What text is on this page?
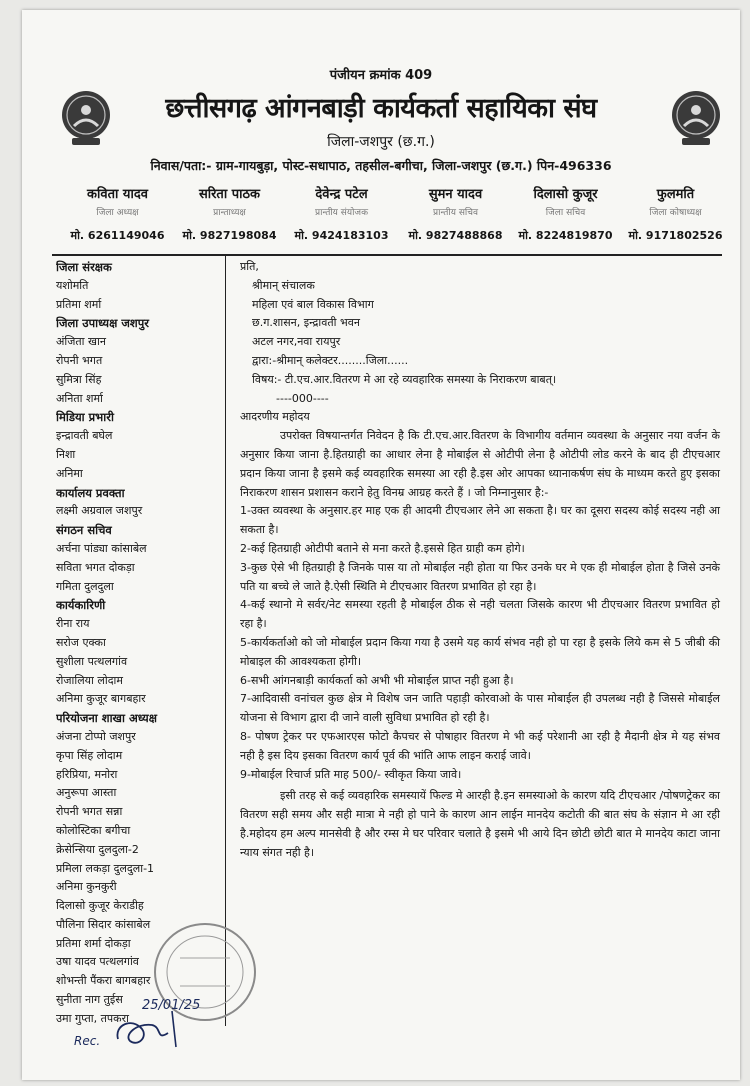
पंजीयन क्रमांक 409
छत्तीसगढ़ आंगनबाड़ी कार्यकर्ता सहायिका संघ
जिला-जशपुर (छ.ग.)
निवास/पता:- ग्राम-गायबुड़ा, पोस्ट-सधापाठ, तहसील-बगीचा, जिला-जशपुर (छ.ग.) पिन-496336
कविता यादव
जिला अध्यक्ष
मो. 6261149046
सरिता पाठक
प्रान्ताध्यक्ष
मो. 9827198084
देवेन्द्र पटेल
प्रान्तीय संयोजक
मो. 9424183103
सुमन यादव
प्रान्तीय सचिव
मो. 9827488868
दिलासो कुजूर
जिला सचिव
मो. 8224819870
फुलमति
जिला कोषाध्यक्ष
मो. 9171802526
जिला संरक्षक
यशोमति
प्रतिमा शर्मा
जिला उपाध्यक्ष जशपुर
अंजिता खान
रोपनी भगत
सुमित्रा सिंह
अनिता शर्मा
मिडिया प्रभारी
इन्द्रावती बघेल
निशा
अनिमा
कार्यालय प्रवक्ता
लक्ष्मी अग्रवाल जशपुर
संगठन सचिव
अर्चना पांड्या कांसाबेल
सविता भगत दोकड़ा
गमिता दुलदुला
कार्यकारिणी
रीना राय
सरोज एक्का
सुशीला पत्थलगांव
रोजालिया लोदाम
अनिमा कुजूर बागबहार
परियोजना शाखा अध्यक्ष
अंजना टोप्पो जशपुर
कृपा सिंह लोदाम
हरिप्रिया, मनोरा
अनुरूपा आस्ता
रोपनी भगत सन्ना
कोलोस्टिका बगीचा
क्रेसेन्सिया दुलदुला-2
प्रमिला लकड़ा दुलदुला-1
अनिमा कुनकुरी
दिलासो कुजूर केराडीह
पौलिना सिदार कांसाबेल
प्रतिमा शर्मा दोकड़ा
उषा यादव पत्थलगांव
शोभन्ती पैंकरा बागबहार
सुनीता नाग तुईस
उमा गुप्ता, तपकरा
प्रति,
श्रीमान् संचालक
महिला एवं बाल विकास विभाग
छ.ग.शासन, इन्द्रावती भवन
अटल नगर,नवा रायपुर
द्वारा:-श्रीमान् कलेक्टर........जिला......
विषय:- टी.एच.आर.वितरण मे आ रहे व्यवहारिक समस्या के निराकरण बाबत्।
----000----
आदरणीय महोदय

उपरोक्त विषयान्तर्गत निवेदन है कि टी.एच.आर.वितरण के विभागीय वर्तमान व्यवस्था के अनुसार नया वर्जन के अनुसार किया जाना है.हितग्राही का आधार लेना है मोबाईल से ओटीपी लेना है ओटीपी लोड करने के बाद ही टीएचआर प्रदान किया जाना है इसमे कई व्यवहारिक समस्या आ रही है.इस ओर आपका ध्यानाकर्षण संघ के माध्यम करते हुए इसका निराकरण शासन प्रशासन कराने हेतु विनम्र आग्रह करते हैं । जो निम्नानुसार है:-

1-उक्त व्यवस्था के अनुसार.हर माह एक ही आदमी टीएचआर लेने आ सकता है। घर का दूसरा सदस्य कोई सदस्य नही आ सकता है।

2-कई हितग्राही ओटीपी बताने से मना करते है.इससे हित ग्राही कम होगे।

3-कुछ ऐसे भी हितग्राही है जिनके पास या तो मोबाईल नही होता या फिर उनके घर मे एक ही मोबाईल होता है जिसे उनके पति या बच्चे ले जाते है.ऐसी स्थिति मे टीएचआर वितरण प्रभावित हो रहा है।

4-कई स्थानो मे सर्वर/नेट समस्या रहती है मोबाईल ठीक से नही चलता जिसके कारण भी टीएचआर वितरण प्रभावित हो रहा है।

5-कार्यकर्ताओ को जो मोबाईल प्रदान किया गया है उसमे यह कार्य संभव नही हो पा रहा है इसके लिये कम से 5 जीबी की मोबाइल की आवश्यकता होगी।

6-सभी आंगनबाड़ी कार्यकर्ता को अभी भी मोबाईल प्राप्त नही हुआ है।

7-आदिवासी वनांचल कुछ क्षेत्र मे विशेष जन जाति पहाड़ी कोरवाओ के पास मोबाईल ही उपलब्ध नही है जिससे मोबाईल योजना से विभाग द्वारा दी जाने वाली सुविधा प्रभावित हो रही है।

8- पोषण ट्रेकर पर एफआरएस फोटो कैपचर से पोषाहार वितरण मे भी कई परेशानी आ रही है मैदानी क्षेत्र मे यह संभव नही है इस दिय इसका वितरण कार्य पूर्व की भांति आफ लाइन कराई जावे।

9-मोबाईल रिचार्ज प्रति माह 500/- स्वीकृत किया जावे।

इसी तरह से कई व्यवहारिक समस्यायें फिल्ड मे आरही है.इन समस्याओ के कारण यदि टीएचआर /पोषणट्रेकर का वितरण सही समय और सही मात्रा मे नही हो पाने के कारण आन लाईन मानदेय कटोती की बात संघ के संज्ञान मे आ रही है.महोदय हम अल्प मानसेवी है और रम्स मे घर परिवार चलाते है इसमे भी आये दिन छोटी छोटी बात मे मानदेय काटा जाना न्याय संगत नही है।

Rec.
25/01/25
